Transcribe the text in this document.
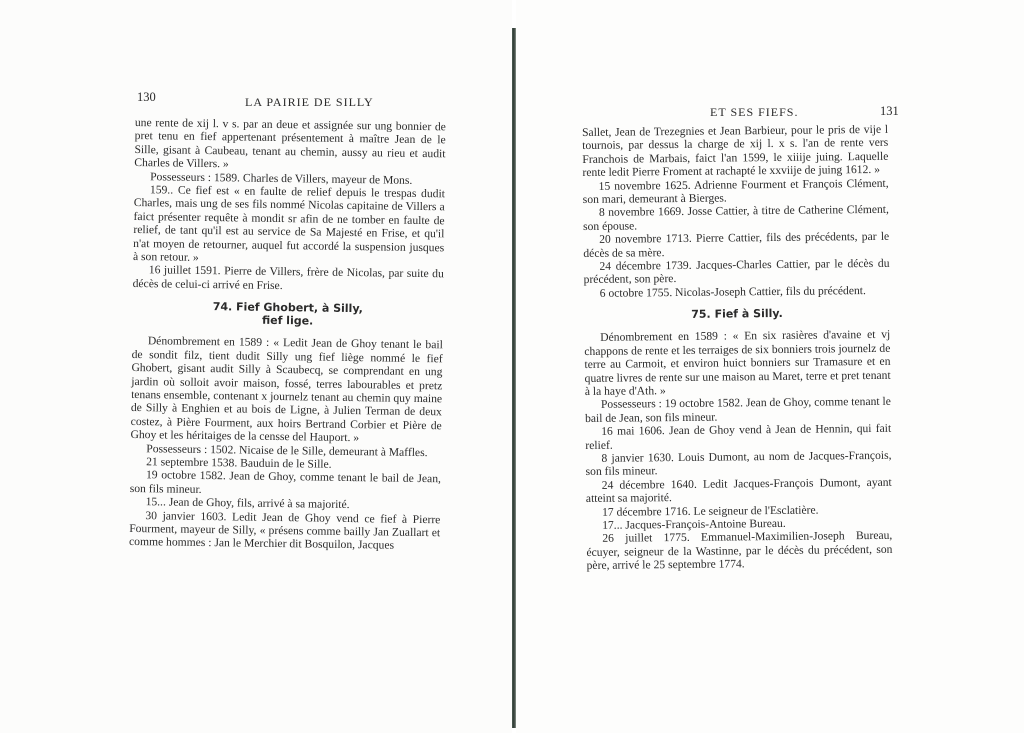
130	LA PAIRIE DE SILLY

une rente de xij l. v s. par an deue et assignée sur ung bonnier de pret tenu en fief appertenant présentement à maître Jean de le Sille, gisant à Caubeau, tenant au chemin, aussy au rieu et audit Charles de Villers. »

Possesseurs : 1589. Charles de Villers, mayeur de Mons.

159.. Ce fief est « en faulte de relief depuis le trespas dudit Charles, mais ung de ses fils nommé Nicolas capitaine de Villers a faict présenter requête à mondit sr afin de ne tomber en faulte de relief, de tant qu'il est au service de Sa Majesté en Frise, et qu'il n'at moyen de retourner, auquel fut accordé la suspension jusques à son retour. »

16 juillet 1591. Pierre de Villers, frère de Nicolas, par suite du décès de celui-ci arrivé en Frise.

74. Fief Ghobert, à Silly,
fief lige.

Dénombrement en 1589 : « Ledit Jean de Ghoy tenant le bail de sondit filz, tient dudit Silly ung fief liège nommé le fief Ghobert, gisant audit Silly à Scaubecq, se comprendant en ung jardin où solloit avoir maison, fossé, terres labourables et pretz tenans ensemble, contenant x journelz tenant au chemin quy maine de Silly à Enghien et au bois de Ligne, à Julien Terman de deux costez, à Pière Fourment, aux hoirs Bertrand Corbier et Pière de Ghoy et les héritaiges de la censse del Hauport. »

Possesseurs : 1502. Nicaise de le Sille, demeurant à Maffles.

21 septembre 1538. Bauduin de le Sille.

19 octobre 1582. Jean de Ghoy, comme tenant le bail de Jean, son fils mineur.

15... Jean de Ghoy, fils, arrivé à sa majorité.

30 janvier 1603. Ledit Jean de Ghoy vend ce fief à Pierre Fourment, mayeur de Silly, « présens comme bailly Jan Zuallart et comme hommes : Jan le Merchier dit Bosquilon, Jacques

ET SES FIEFS.	131

Sallet, Jean de Trezegnies et Jean Barbieur, pour le pris de vije l tournois, par dessus la charge de xij l. x s. l'an de rente vers Franchois de Marbais, faict l'an 1599, le xiiije juing. Laquelle rente ledit Pierre Froment at rachapté le xxviije de juing 1612. »

15 novembre 1625. Adrienne Fourment et François Clément, son mari, demeurant à Bierges.

8 novembre 1669. Josse Cattier, à titre de Catherine Clément, son épouse.

20 novembre 1713. Pierre Cattier, fils des précédents, par le décès de sa mère.

24 décembre 1739. Jacques-Charles Cattier, par le décès du précédent, son père.

6 octobre 1755. Nicolas-Joseph Cattier, fils du précédent.

75. Fief à Silly.

Dénombrement en 1589 : « En six rasières d'avaine et vj chappons de rente et les terraiges de six bonniers trois journelz de terre au Carmoit, et environ huict bonniers sur Tramasure et en quatre livres de rente sur une maison au Maret, terre et pret tenant à la haye d'Ath. »

Possesseurs : 19 octobre 1582. Jean de Ghoy, comme tenant le bail de Jean, son fils mineur.

16 mai 1606. Jean de Ghoy vend à Jean de Hennin, qui fait relief.

8 janvier 1630. Louis Dumont, au nom de Jacques-François, son fils mineur.

24 décembre 1640. Ledit Jacques-François Dumont, ayant atteint sa majorité.

17 décembre 1716. Le seigneur de l'Esclatière.

17... Jacques-François-Antoine Bureau.

26 juillet 1775. Emmanuel-Maximilien-Joseph Bureau, écuyer, seigneur de la Wastinne, par le décès du précédent, son père, arrivé le 25 septembre 1774.
